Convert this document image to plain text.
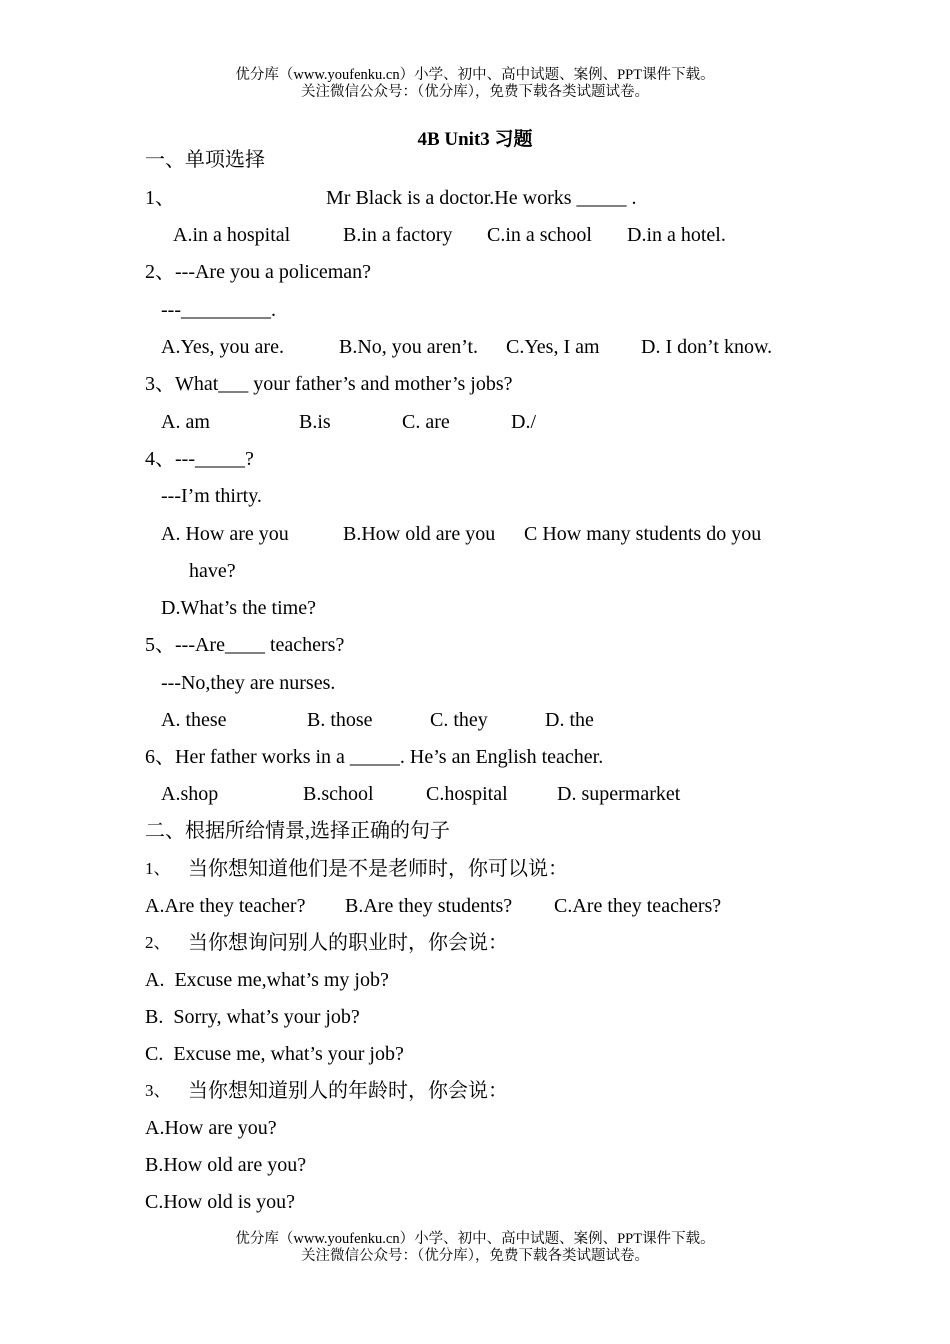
优分库（www.youfenku.cn）小学、初中、高中试题、案例、PPT课件下载。
关注微信公众号：（优分库），免费下载各类试题试卷。
4B Unit3 习题
一、单项选择
1、	Mr Black is a doctor.He works _____ .
A.in a hospital	B.in a factory C.in a school D.in a hotel.
2、---Are you a policeman?
---_________.
A.Yes, you are.	B.No, you aren’t. C.Yes, I am D. I don’t know.
3、What___ your father’s and mother’s jobs?
A. am	B.is	C. are	D./
4、---_____?
---I’m thirty.
A. How are you	B.How old are you C How many students do you
have?
D.What’s the time?
5、---Are____ teachers?
---No,they are nurses.
A. these	B. those	C. they	D. the
6、Her father works in a _____. He’s an English teacher.
A.shop	B.school	C.hospital D. supermarket
二、根据所给情景,选择正确的句子
1、 当你想知道他们是不是老师时，你可以说：
A.Are they teacher? B.Are they students? C.Are they teachers?
2、 当你想询问别人的职业时，你会说：
A.  Excuse me,what’s my job?
B.  Sorry, what’s your job?
C.  Excuse me, what’s your job?
3、 当你想知道别人的年龄时，你会说：
A.How are you?
B.How old are you?
C.How old is you?
优分库（www.youfenku.cn）小学、初中、高中试题、案例、PPT课件下载。
关注微信公众号：（优分库），免费下载各类试题试卷。
